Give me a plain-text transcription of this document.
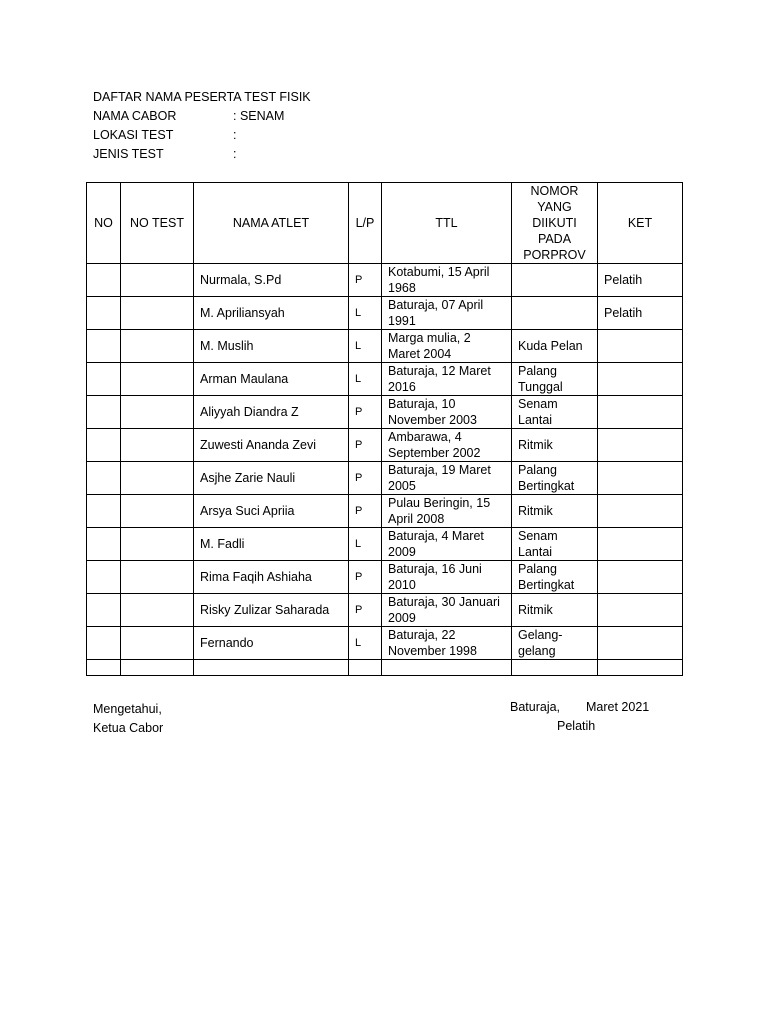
DAFTAR NAMA PESERTA TEST FISIK
NAMA CABOR	: SENAM
LOKASI TEST	:
JENIS TEST	:
NO	NO TEST	NAMA ATLET	L/P	TTL	NOMOR YANG DIIKUTI PADA PORPROV	KET
		Nurmala, S.Pd	P	Kotabumi, 15 April 1968		Pelatih
		M. Apriliansyah	L	Baturaja, 07 April 1991		Pelatih
		M. Muslih	L	Marga mulia, 2 Maret 2004	Kuda Pelan	
		Arman Maulana	L	Baturaja, 12 Maret 2016	Palang Tunggal	
		Aliyyah Diandra Z	P	Baturaja, 10 November 2003	Senam Lantai	
		Zuwesti Ananda Zevi	P	Ambarawa, 4 September 2002	Ritmik	
		Asjhe Zarie Nauli	P	Baturaja, 19 Maret 2005	Palang Bertingkat	
		Arsya Suci Apriia	P	Pulau Beringin, 15 April 2008	Ritmik	
		M. Fadli	L	Baturaja, 4 Maret 2009	Senam Lantai	
		Rima Faqih Ashiaha	P	Baturaja, 16 Juni 2010	Palang Bertingkat	
		Risky Zulizar Saharada	P	Baturaja, 30 Januari 2009	Ritmik	
		Fernando	L	Baturaja, 22 November 1998	Gelang-gelang	

Mengetahui,
Ketua Cabor
Baturaja, Maret 2021
Pelatih
